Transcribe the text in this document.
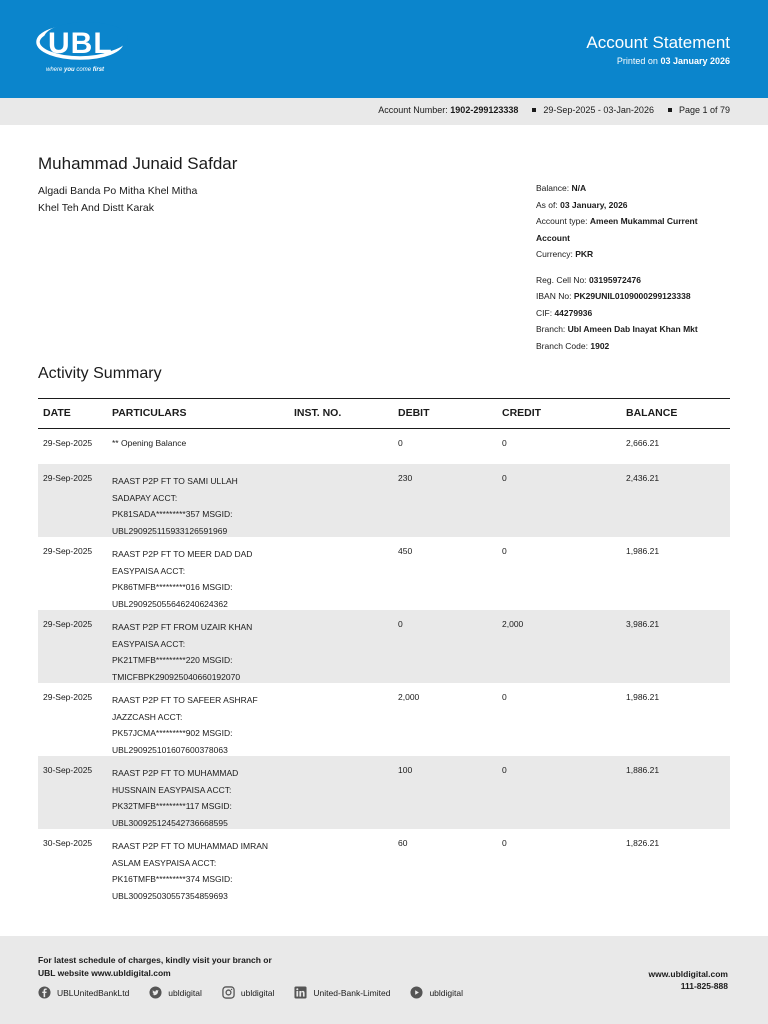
UBL
where you come first
Account Statement
Printed on 03 January 2026
Account Number:
1902-299123338	29-Sep-2025 - 03-Jan-2026	Page 1 of 79
Muhammad Junaid Safdar
Algadi Banda Po Mitha Khel Mitha
Khel Teh And Distt Karak
Balance: N/A
As of: 03 January, 2026
Account type: Ameen Mukammal Current
Account
Currency: PKR
Reg. Cell No: 03195972476
IBAN No: PK29UNIL0109000299123338
CIF: 44279936
Branch: Ubl Ameen Dab Inayat Khan Mkt
Branch Code: 1902
Activity Summary
DATE	PARTICULARS	INST. NO.	DEBIT	CREDIT	BALANCE
29-Sep-2025 ** Opening Balance	0	0	2,666.21
29-Sep-2025 RAAST P2P FT TO SAMI ULLAH
SADAPAY ACCT:
PK81SADA*********357 MSGID:
UBL290925115933126591969
230	0	2,436.21
29-Sep-2025 RAAST P2P FT TO MEER DAD DAD
EASYPAISA ACCT:
PK86TMFB*********016 MSGID:
UBL290925055646240624362
450	0	1,986.21
29-Sep-2025 RAAST P2P FT FROM UZAIR KHAN
EASYPAISA ACCT:
PK21TMFB*********220 MSGID:
TMICFBPK290925040660192070
0	2,000	3,986.21
29-Sep-2025 RAAST P2P FT TO SAFEER ASHRAF
JAZZCASH ACCT:
PK57JCMA*********902 MSGID:
UBL290925101607600378063
2,000	0	1,986.21
30-Sep-2025 RAAST P2P FT TO MUHAMMAD
HUSSNAIN EASYPAISA ACCT:
PK32TMFB*********117 MSGID:
UBL300925124542736668595
100	0	1,886.21
30-Sep-2025 RAAST P2P FT TO MUHAMMAD IMRAN
ASLAM EASYPAISA ACCT:
PK16TMFB*********374 MSGID:
UBL300925030557354859693
60	0	1,826.21
For latest schedule of charges, kindly visit your branch or
UBL website www.ubldigital.com	www.ubldigital.com
111-825-888
UBLUnitedBankLtd	ubldigital	ubldigital	United-Bank-Limited	ubldigital
